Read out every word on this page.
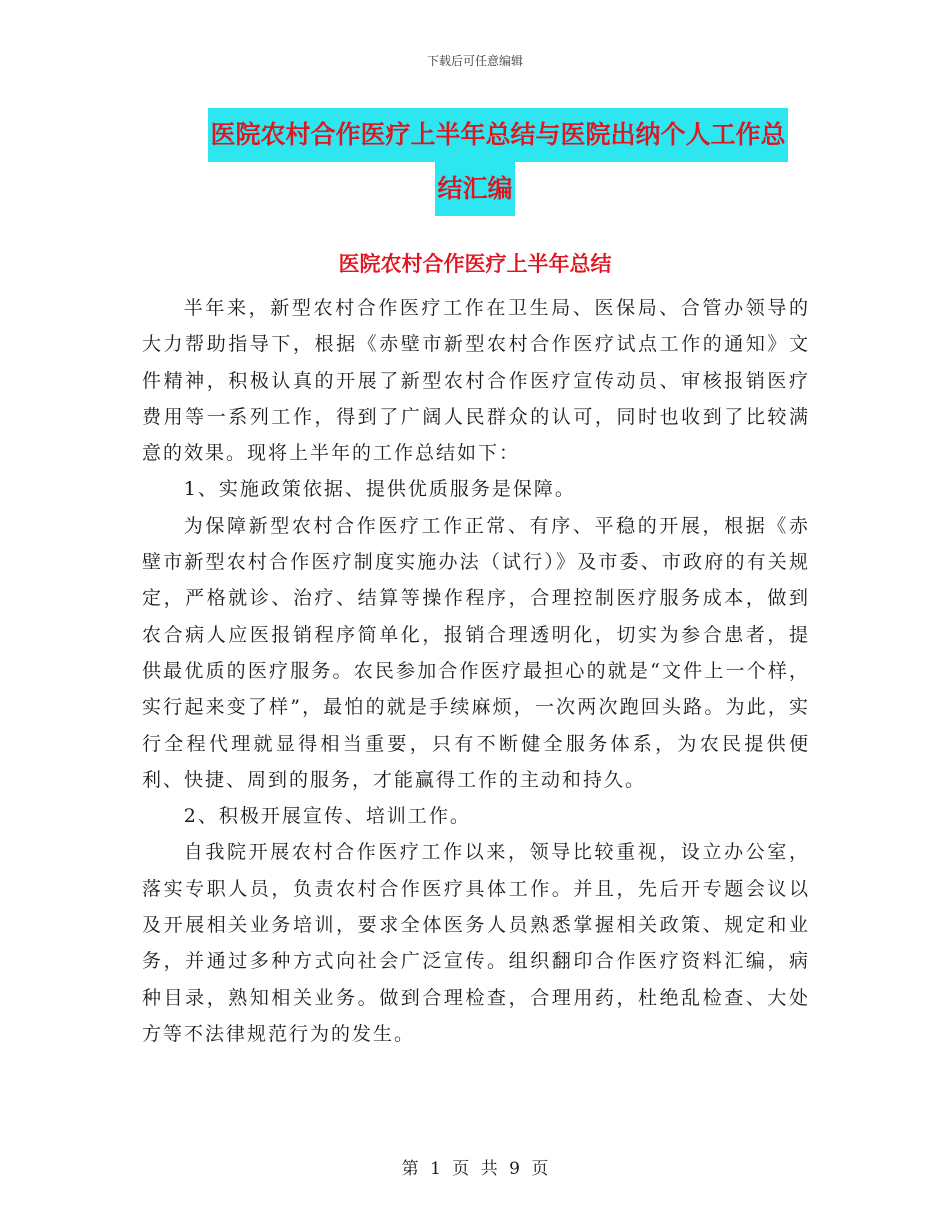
下载后可任意编辑
医院农村合作医疗上半年总结与医院出纳个人工作总
结汇编
医院农村合作医疗上半年总结

半年来，新型农村合作医疗工作在卫生局、医保局、合管办领导的大力帮助指导下，根据《赤壁市新型农村合作医疗试点工作的通知》文件精神，积极认真的开展了新型农村合作医疗宣传动员、审核报销医疗费用等一系列工作，得到了广阔人民群众的认可，同时也收到了比较满意的效果。现将上半年的工作总结如下：

1、实施政策依据、提供优质服务是保障。

为保障新型农村合作医疗工作正常、有序、平稳的开展，根据《赤壁市新型农村合作医疗制度实施办法（试行）》及市委、市政府的有关规定，严格就诊、治疗、结算等操作程序，合理控制医疗服务成本，做到农合病人应医报销程序简单化，报销合理透明化，切实为参合患者，提供最优质的医疗服务。农民参加合作医疗最担心的就是“文件上一个样，实行起来变了样”，最怕的就是手续麻烦，一次两次跑回头路。为此，实行全程代理就显得相当重要，只有不断健全服务体系，为农民提供便利、快捷、周到的服务，才能赢得工作的主动和持久。

2、积极开展宣传、培训工作。

自我院开展农村合作医疗工作以来，领导比较重视，设立办公室，落实专职人员，负责农村合作医疗具体工作。并且，先后开专题会议以及开展相关业务培训，要求全体医务人员熟悉掌握相关政策、规定和业务，并通过多种方式向社会广泛宣传。组织翻印合作医疗资料汇编，病种目录，熟知相关业务。做到合理检查，合理用药，杜绝乱检查、大处方等不法律规范行为的发生。

第 1 页 共 9 页
